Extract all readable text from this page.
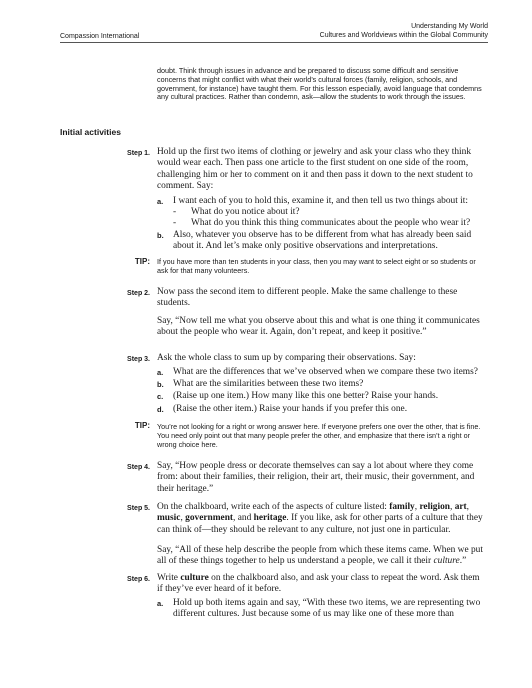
Compassion International
Understanding My World
Cultures and Worldviews within the Global Community
doubt. Think through issues in advance and be prepared to discuss some difficult and sensitive concerns that might conflict with what their world’s cultural forces (family, religion, schools, and government, for instance) have taught them. For this lesson especially, avoid language that condemns any cultural practices. Rather than condemn, ask—allow the students to work through the issues.
Initial activities
Step 1. Hold up the first two items of clothing or jewelry and ask your class who they think would wear each. Then pass one article to the first student on one side of the room, challenging him or her to comment on it and then pass it down to the next student to comment. Say:
a. I want each of you to hold this, examine it, and then tell us two things about it:
- What do you notice about it?
- What do you think this thing communicates about the people who wear it?
b. Also, whatever you observe has to be different from what has already been said about it. And let’s make only positive observations and interpretations.
TIP: If you have more than ten students in your class, then you may want to select eight or so students or ask for that many volunteers.
Step 2. Now pass the second item to different people. Make the same challenge to these students.
Say, “Now tell me what you observe about this and what is one thing it communicates about the people who wear it. Again, don’t repeat, and keep it positive.”
Step 3. Ask the whole class to sum up by comparing their observations. Say:
a. What are the differences that we’ve observed when we compare these two items?
b. What are the similarities between these two items?
c. (Raise up one item.) How many like this one better? Raise your hands.
d. (Raise the other item.) Raise your hands if you prefer this one.
TIP: You’re not looking for a right or wrong answer here. If everyone prefers one over the other, that is fine. You need only point out that many people prefer the other, and emphasize that there isn’t a right or wrong choice here.
Step 4. Say, “How people dress or decorate themselves can say a lot about where they come from: about their families, their religion, their art, their music, their government, and their heritage.”
Step 5. On the chalkboard, write each of the aspects of culture listed: family, religion, art, music, government, and heritage. If you like, ask for other parts of a culture that they can think of—they should be relevant to any culture, not just one in particular.
Say, “All of these help describe the people from which these items came. When we put all of these things together to help us understand a people, we call it their culture.”
Step 6. Write culture on the chalkboard also, and ask your class to repeat the word. Ask them if they’ve ever heard of it before.
a. Hold up both items again and say, “With these two items, we are representing two different cultures. Just because some of us may like one of these more than
